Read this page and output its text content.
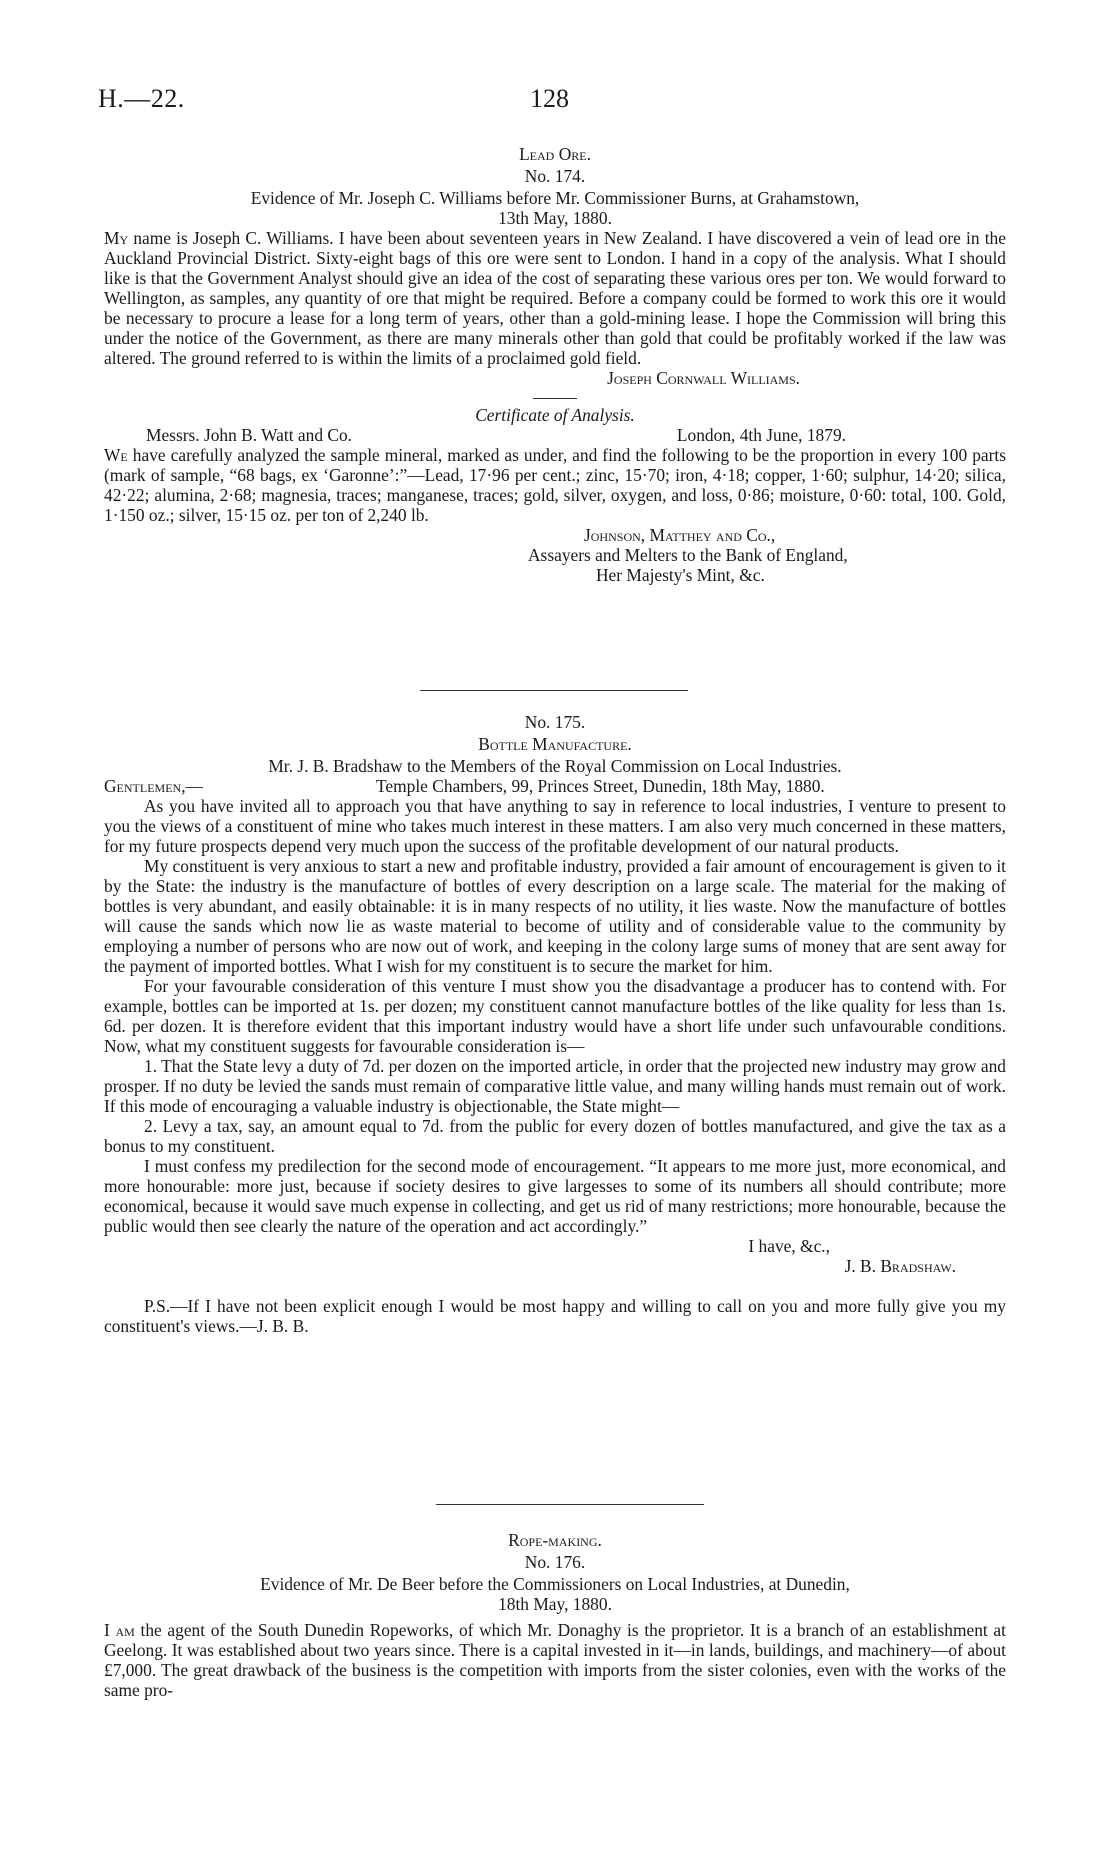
H.—22.	128
Lead Ore.
No. 174.
Evidence of Mr. Joseph C. Williams before Mr. Commissioner Burns, at Grahamstown,
13th May, 1880.

My name is Joseph C. Williams. I have been about seventeen years in New Zealand. I have discovered a vein of lead ore in the Auckland Provincial District. Sixty-eight bags of this ore were sent to London. I hand in a copy of the analysis. What I should like is that the Government Analyst should give an idea of the cost of separating these various ores per ton. We would forward to Wellington, as samples, any quantity of ore that might be required. Before a company could be formed to work this ore it would be necessary to procure a lease for a long term of years, other than a gold-mining lease. I hope the Commission will bring this under the notice of the Government, as there are many minerals other than gold that could be profitably worked if the law was altered. The ground referred to is within the limits of a proclaimed gold field.

Joseph Cornwall Williams.
Certificate of Analysis.
Messrs. John B. Watt and Co.	London, 4th June, 1879.

We have carefully analyzed the sample mineral, marked as under, and find the following to be the proportion in every 100 parts (mark of sample, “68 bags, ex ‘Garonne’:”—Lead, 17·96 per cent.; zinc, 15·70; iron, 4·18; copper, 1·60; sulphur, 14·20; silica, 42·22; alumina, 2·68; magnesia, traces; manganese, traces; gold, silver, oxygen, and loss, 0·86; moisture, 0·60: total, 100. Gold, 1·150 oz.; silver, 15·15 oz. per ton of 2,240 lb.

Johnson, Matthey and Co.,
Assayers and Melters to the Bank of England,
Her Majesty's Mint, &c.
No. 175.
Bottle Manufacture.
Mr. J. B. Bradshaw to the Members of the Royal Commission on Local Industries.
Gentlemen,—	Temple Chambers, 99, Princes Street, Dunedin, 18th May, 1880.

As you have invited all to approach you that have anything to say in reference to local industries, I venture to present to you the views of a constituent of mine who takes much interest in these matters. I am also very much concerned in these matters, for my future prospects depend very much upon the success of the profitable development of our natural products.

My constituent is very anxious to start a new and profitable industry, provided a fair amount of encouragement is given to it by the State: the industry is the manufacture of bottles of every description on a large scale. The material for the making of bottles is very abundant, and easily obtainable: it is in many respects of no utility, it lies waste. Now the manufacture of bottles will cause the sands which now lie as waste material to become of utility and of considerable value to the community by employing a number of persons who are now out of work, and keeping in the colony large sums of money that are sent away for the payment of imported bottles. What I wish for my constituent is to secure the market for him.

For your favourable consideration of this venture I must show you the disadvantage a producer has to contend with. For example, bottles can be imported at 1s. per dozen; my constituent cannot manufacture bottles of the like quality for less than 1s. 6d. per dozen. It is therefore evident that this important industry would have a short life under such unfavourable conditions. Now, what my constituent suggests for favourable consideration is—

1. That the State levy a duty of 7d. per dozen on the imported article, in order that the projected new industry may grow and prosper. If no duty be levied the sands must remain of comparative little value, and many willing hands must remain out of work. If this mode of encouraging a valuable industry is objectionable, the State might—

2. Levy a tax, say, an amount equal to 7d. from the public for every dozen of bottles manufactured, and give the tax as a bonus to my constituent.

I must confess my predilection for the second mode of encouragement. “It appears to me more just, more economical, and more honourable: more just, because if society desires to give largesses to some of its numbers all should contribute; more economical, because it would save much expense in collecting, and get us rid of many restrictions; more honourable, because the public would then see clearly the nature of the operation and act accordingly.”

I have, &c.,
J. B. Bradshaw.

P.S.—If I have not been explicit enough I would be most happy and willing to call on you and more fully give you my constituent's views.—J. B. B.

Rope-making.
No. 176.
Evidence of Mr. De Beer before the Commissioners on Local Industries, at Dunedin,
18th May, 1880.

I am the agent of the South Dunedin Ropeworks, of which Mr. Donaghy is the proprietor. It is a branch of an establishment at Geelong. It was established about two years since. There is a capital invested in it—in lands, buildings, and machinery—of about £7,000. The great drawback of the business is the competition with imports from the sister colonies, even with the works of the same pro-
